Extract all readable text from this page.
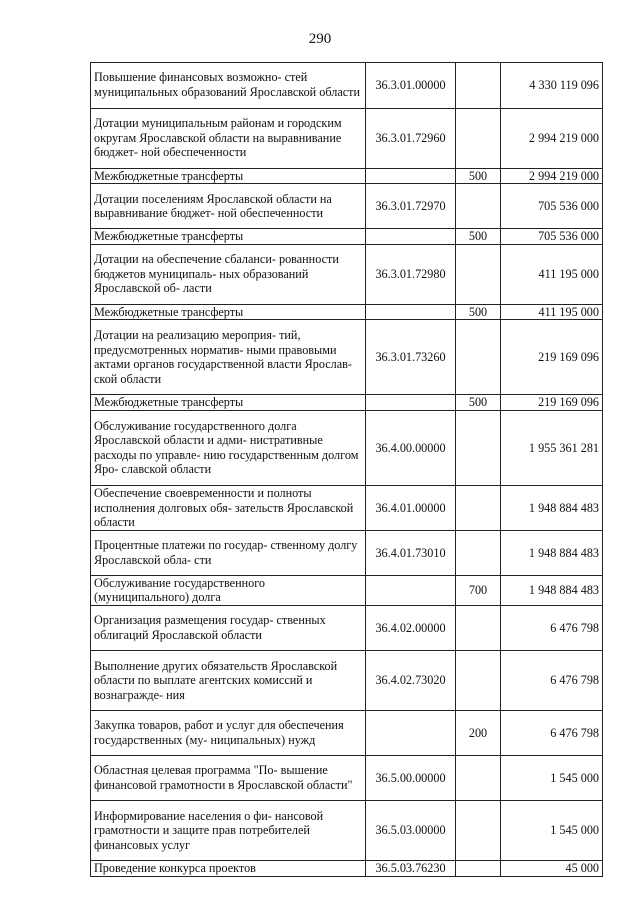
290

Повышение финансовых возможно- стей муниципальных образований Ярославской области	36.3.01.00000		4 330 119 096
Дотации муниципальным районам и городским округам Ярославской области на выравнивание бюджет- ной обеспеченности	36.3.01.72960		2 994 219 000
Межбюджетные трансферты		500	2 994 219 000
Дотации поселениям Ярославской области на выравнивание бюджет- ной обеспеченности	36.3.01.72970		705 536 000
Межбюджетные трансферты		500	705 536 000
Дотации на обеспечение сбаланси- рованности бюджетов муниципаль- ных образований Ярославской об- ласти	36.3.01.72980		411 195 000
Межбюджетные трансферты		500	411 195 000
Дотации на реализацию мероприя- тий, предусмотренных норматив- ными правовыми актами органов государственной власти Ярослав- ской области	36.3.01.73260		219 169 096
Межбюджетные трансферты		500	219 169 096
Обслуживание государственного долга Ярославской области и адми- нистративные расходы по управле- нию государственным долгом Яро- славской области	36.4.00.00000		1 955 361 281
Обеспечение своевременности и полноты исполнения долговых обя- зательств Ярославской области	36.4.01.00000		1 948 884 483
Процентные платежи по государ- ственному долгу Ярославской обла- сти	36.4.01.73010		1 948 884 483
Обслуживание государственного (муниципального) долга		700	1 948 884 483
Организация размещения государ- ственных облигаций Ярославской области	36.4.02.00000		6 476 798
Выполнение других обязательств Ярославской области по выплате агентских комиссий и вознагражде- ния	36.4.02.73020		6 476 798
Закупка товаров, работ и услуг для обеспечения государственных (му- ниципальных) нужд		200	6 476 798
Областная целевая программа "По- вышение финансовой грамотности в Ярославской области"	36.5.00.00000		1 545 000
Информирование населения о фи- нансовой грамотности и защите прав потребителей финансовых услуг	36.5.03.00000		1 545 000
Проведение конкурса проектов	36.5.03.76230		45 000
